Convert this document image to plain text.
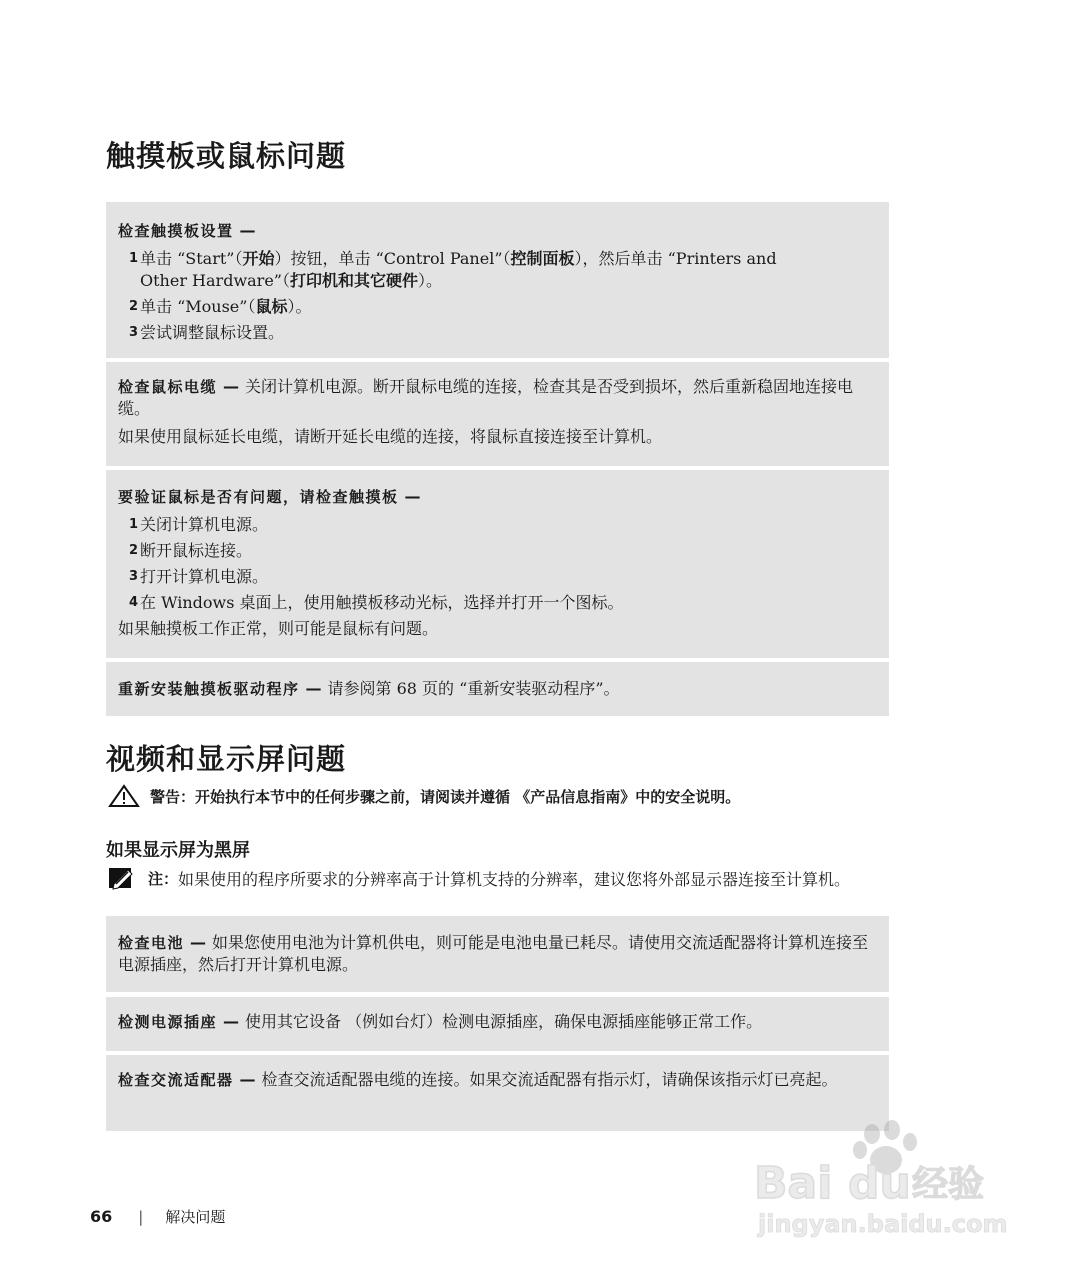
触摸板或鼠标问题
检查触摸板设置 —
1 单击 “Start”（开始）按钮，单击 “Control Panel”（控制面板），然后单击 “Printers and
Other Hardware”（打印机和其它硬件）。
2 单击 “Mouse”（鼠标）。
3 尝试调整鼠标设置。
检查鼠标电缆 — 关闭计算机电源。断开鼠标电缆的连接，检查其是否受到损坏，然后重新稳固地连接电缆。
如果使用鼠标延长电缆，请断开延长电缆的连接，将鼠标直接连接至计算机。
要验证鼠标是否有问题，请检查触摸板 —
1 关闭计算机电源。
2 断开鼠标连接。
3 打开计算机电源。
4 在 Windows 桌面上，使用触摸板移动光标，选择并打开一个图标。
如果触摸板工作正常，则可能是鼠标有问题。
重新安装触摸板驱动程序 — 请参阅第 68 页的 “重新安装驱动程序”。
视频和显示屏问题
警告： 开始执行本节中的任何步骤之前，请阅读并遵循 《产品信息指南》中的安全说明。
如果显示屏为黑屏
注： 如果使用的程序所要求的分辨率高于计算机支持的分辨率，建议您将外部显示器连接至计算机。
检查电池 — 如果您使用电池为计算机供电，则可能是电池电量已耗尽。请使用交流适配器将计算机连接至电源插座，然后打开计算机电源。
检测电源插座 — 使用其它设备 （例如台灯）检测电源插座，确保电源插座能够正常工作。
检查交流适配器 — 检查交流适配器电缆的连接。如果交流适配器有指示灯，请确保该指示灯已亮起。
66 | 解决问题
Bai du 经验
jingyan.baidu.com
